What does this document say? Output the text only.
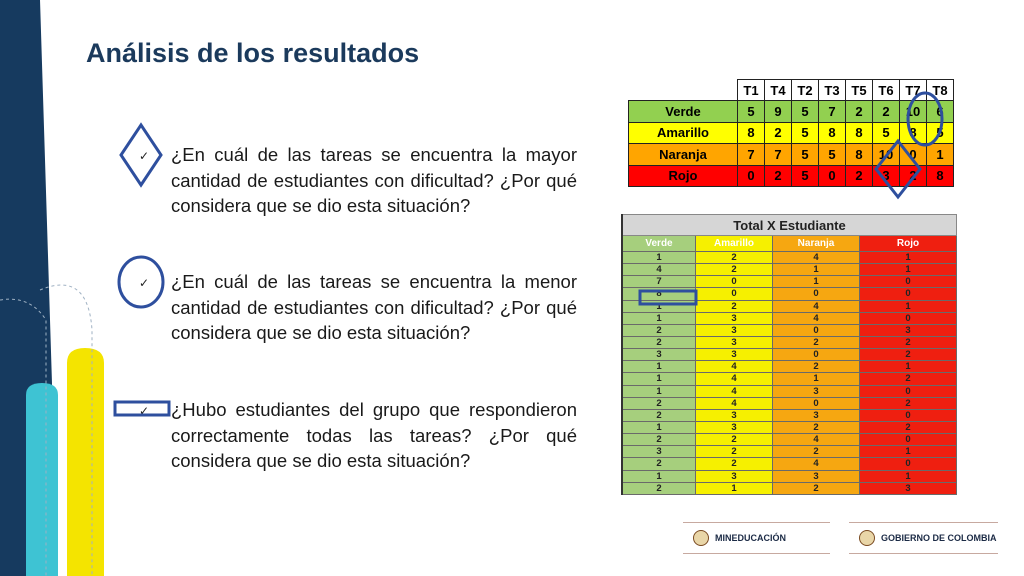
Análisis de los resultados
¿En cuál de las tareas se encuentra la mayor cantidad de estudiantes con dificultad? ¿Por qué considera que se dio esta situación?
¿En cuál de las tareas se encuentra la menor cantidad de estudiantes con dificultad? ¿Por qué considera que se dio esta situación?
¿Hubo estudiantes del grupo que respondieron correctamente todas las tareas? ¿Por qué considera que se dio esta situación?
✓
✓
✓
	T1	T4	T2	T3	T5	T6	T7	T8
Verde	5	9	5	7	2	2	10	6
Amarillo	8	2	5	8	8	5	8	5
Naranja	7	7	5	5	8	10	0	1
Rojo	0	2	5	0	2	3	2	8
Total X Estudiante			
Verde	Amarillo	Naranja	Rojo
1	2	4	1
4	2	1	1
7	0	1	0
8	0	0	0
1	2	4	1
1	3	4	0
2	3	0	3
2	3	2	2
3	3	0	2
1	4	2	1
1	4	1	2
1	4	3	0
2	4	0	2
2	3	3	0
1	3	2	2
2	2	4	0
3	2	2	1
2	2	4	0
1	3	3	1
2	1	2	3
MINEDUCACIÓN	GOBIERNO DE COLOMBIA
